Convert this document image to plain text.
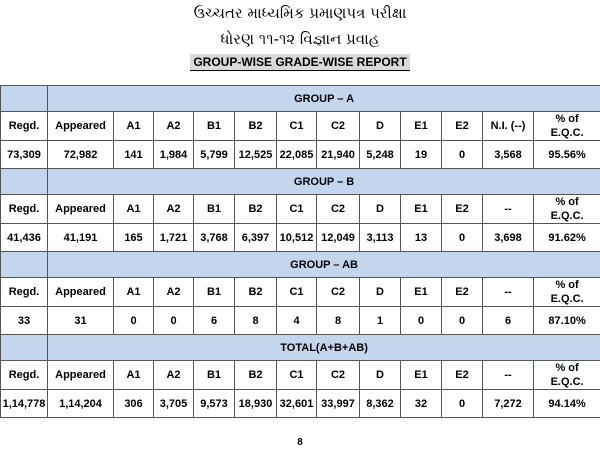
ઉચ્ચતર માધ્યમિક પ્રમાણપત્ર પરીક્ષા
ધોરણ ૧૧-૧૨ વિજ્ઞાન પ્રવાહ
GROUP-WISE GRADE-WISE REPORT
	GROUP – A											
Regd.	Appeared	A1	A2	B1	B2	C1	C2	D	E1	E2	N.I. (--)	% of
E.Q.C.

73,309	72,982	141	1,984	5,799	12,525	22,085	21,940	5,248	19	0	3,568	95.56%
	GROUP – B											
Regd.	Appeared	A1	A2	B1	B2	C1	C2	D	E1	E2	--	% of
E.Q.C.

41,436	41,191	165	1,721	3,768	6,397	10,512	12,049	3,113	13	0	3,698	91.62%
	GROUP – AB											
Regd.	Appeared	A1	A2	B1	B2	C1	C2	D	E1	E2	--	% of
E.Q.C.

33	31	0	0	6	8	4	8	1	0	0	6	87.10%
	TOTAL(A+B+AB)											
Regd.	Appeared	A1	A2	B1	B2	C1	C2	D	E1	E2	--	% of
E.Q.C.

1,14,778	1,14,204	306	3,705	9,573	18,930	32,601	33,997	8,362	32	0	7,272	94.14%
8
